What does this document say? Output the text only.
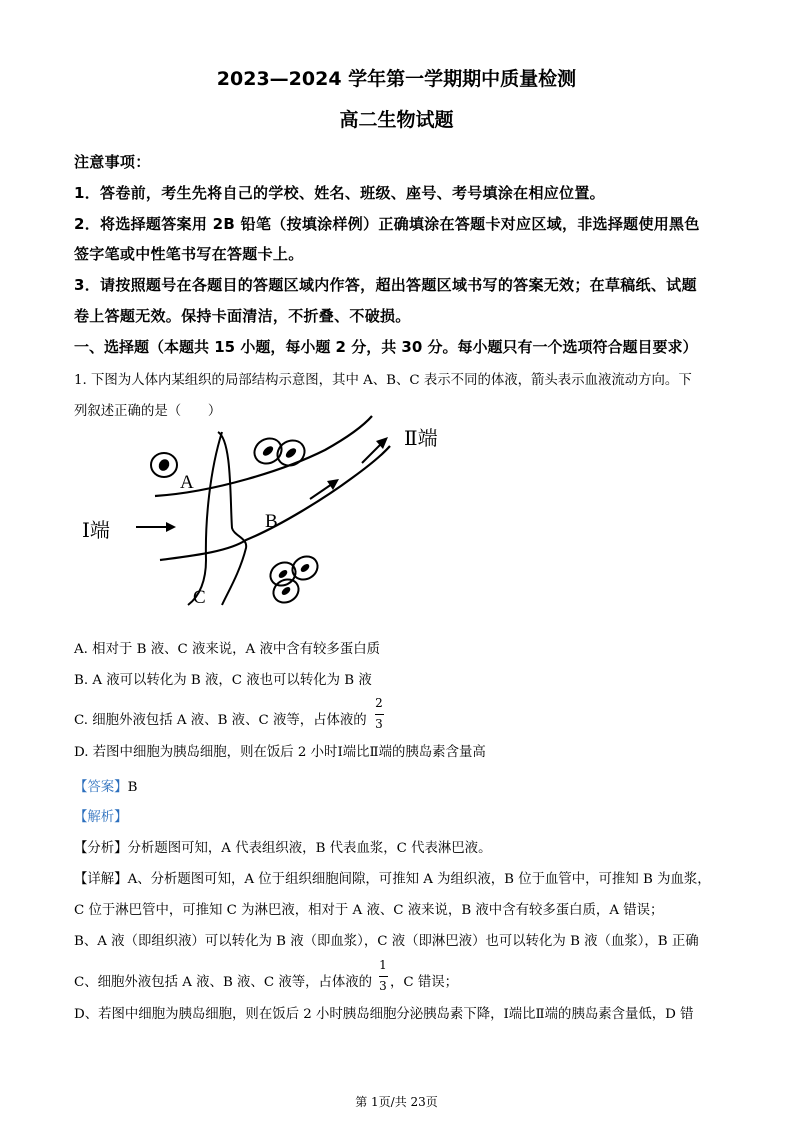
2023—2024 学年第一学期期中质量检测
高二生物试题
注意事项：
1．答卷前，考生先将自己的学校、姓名、班级、座号、考号填涂在相应位置。
2．将选择题答案用 2B 铅笔（按填涂样例）正确填涂在答题卡对应区域，非选择题使用黑色
签字笔或中性笔书写在答题卡上。
3．请按照题号在各题目的答题区域内作答，超出答题区域书写的答案无效；在草稿纸、试题
卷上答题无效。保持卡面清洁，不折叠、不破损。
一、选择题（本题共 15 小题，每小题 2 分，共 30 分。每小题只有一个选项符合题目要求）
1. 下图为人体内某组织的局部结构示意图，其中 A、B、C 表示不同的体液，箭头表示血液流动方向。下
列叙述正确的是（　　）
A
B
C
Ⅰ端
Ⅱ端
A. 相对于 B 液、C 液来说，A 液中含有较多蛋白质
B. A 液可以转化为 B 液，C 液也可以转化为 B 液
C. 细胞外液包括 A 液、B 液、C 液等，占体液的
2
3
D. 若图中细胞为胰岛细胞，则在饭后 2 小时Ⅰ端比Ⅱ端的胰岛素含量高
【答案】B
【解析】
【分析】分析题图可知，A 代表组织液，B 代表血浆，C 代表淋巴液。
【详解】A、分析题图可知，A 位于组织细胞间隙，可推知 A 为组织液，B 位于血管中，可推知 B 为血浆，
C 位于淋巴管中，可推知 C 为淋巴液，相对于 A 液、C 液来说，B 液中含有较多蛋白质，A 错误；
B、A 液（即组织液）可以转化为 B 液（即血浆），C 液（即淋巴液）也可以转化为 B 液（血浆），B 正确
C、细胞外液包括 A 液、B 液、C 液等，占体液的
1
3 ，C 错误；
D、若图中细胞为胰岛细胞，则在饭后 2 小时胰岛细胞分泌胰岛素下降，Ⅰ端比Ⅱ端的胰岛素含量低，D 错
第 1页/共 23页
